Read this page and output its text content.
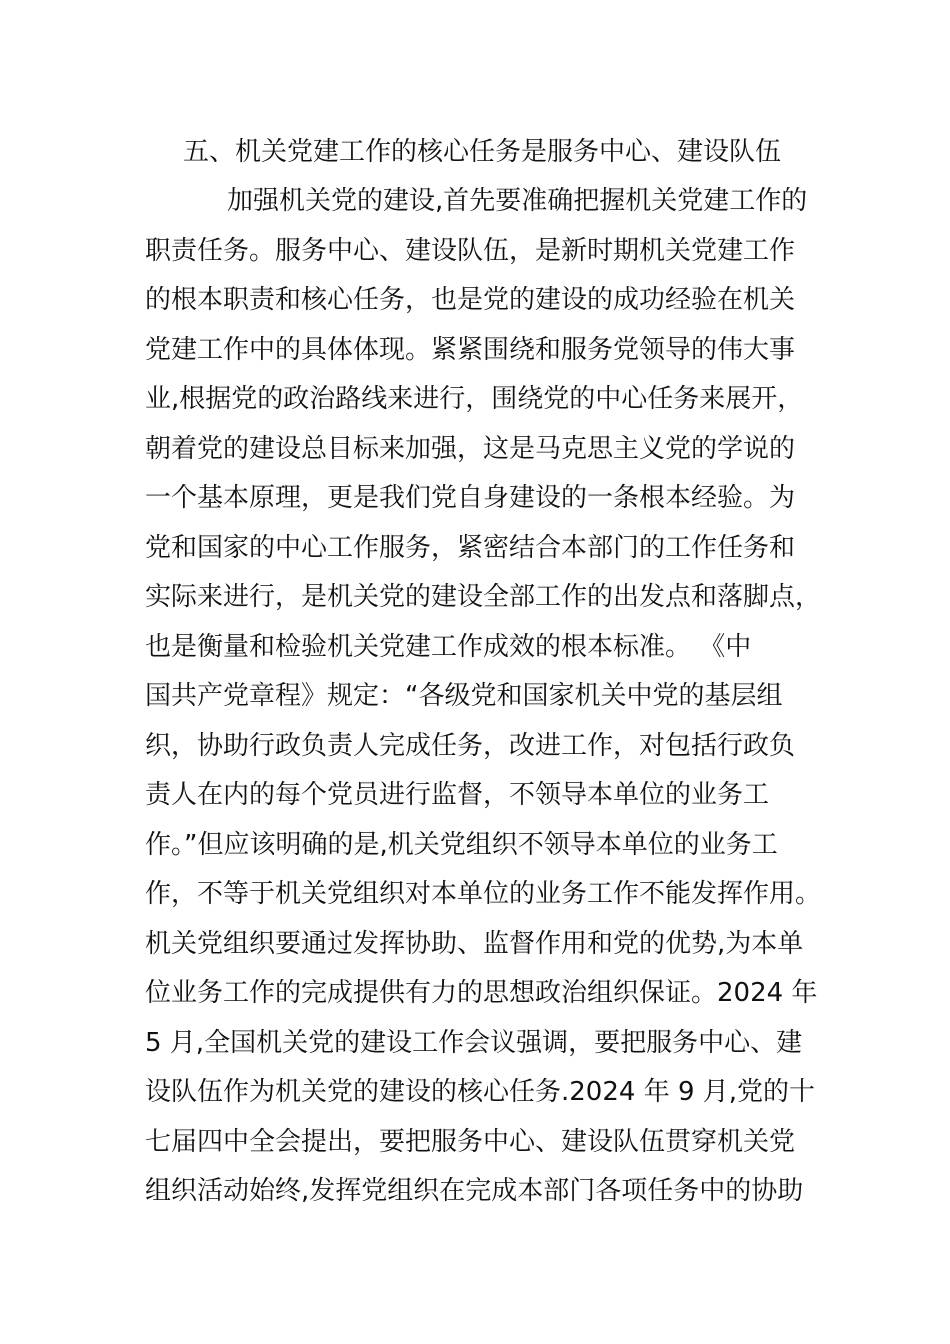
五、机关党建工作的核心任务是服务中心、建设队伍
加强机关党的建设,首先要准确把握机关党建工作的
职责任务。服务中心、建设队伍，是新时期机关党建工作
的根本职责和核心任务，也是党的建设的成功经验在机关
党建工作中的具体体现。紧紧围绕和服务党领导的伟大事
业,根据党的政治路线来进行，围绕党的中心任务来展开，
朝着党的建设总目标来加强，这是马克思主义党的学说的
一个基本原理，更是我们党自身建设的一条根本经验。为
党和国家的中心工作服务，紧密结合本部门的工作任务和
实际来进行，是机关党的建设全部工作的出发点和落脚点，
也是衡量和检验机关党建工作成效的根本标准。 《中
国共产党章程》规定：“各级党和国家机关中党的基层组
织，协助行政负责人完成任务，改进工作，对包括行政负
责人在内的每个党员进行监督，不领导本单位的业务工
作。”但应该明确的是,机关党组织不领导本单位的业务工
作，不等于机关党组织对本单位的业务工作不能发挥作用。
机关党组织要通过发挥协助、监督作用和党的优势,为本单
位业务工作的完成提供有力的思想政治组织保证。2024 年
5 月,全国机关党的建设工作会议强调，要把服务中心、建
设队伍作为机关党的建设的核心任务.2024 年 9 月,党的十
七届四中全会提出，要把服务中心、建设队伍贯穿机关党
组织活动始终,发挥党组织在完成本部门各项任务中的协助
